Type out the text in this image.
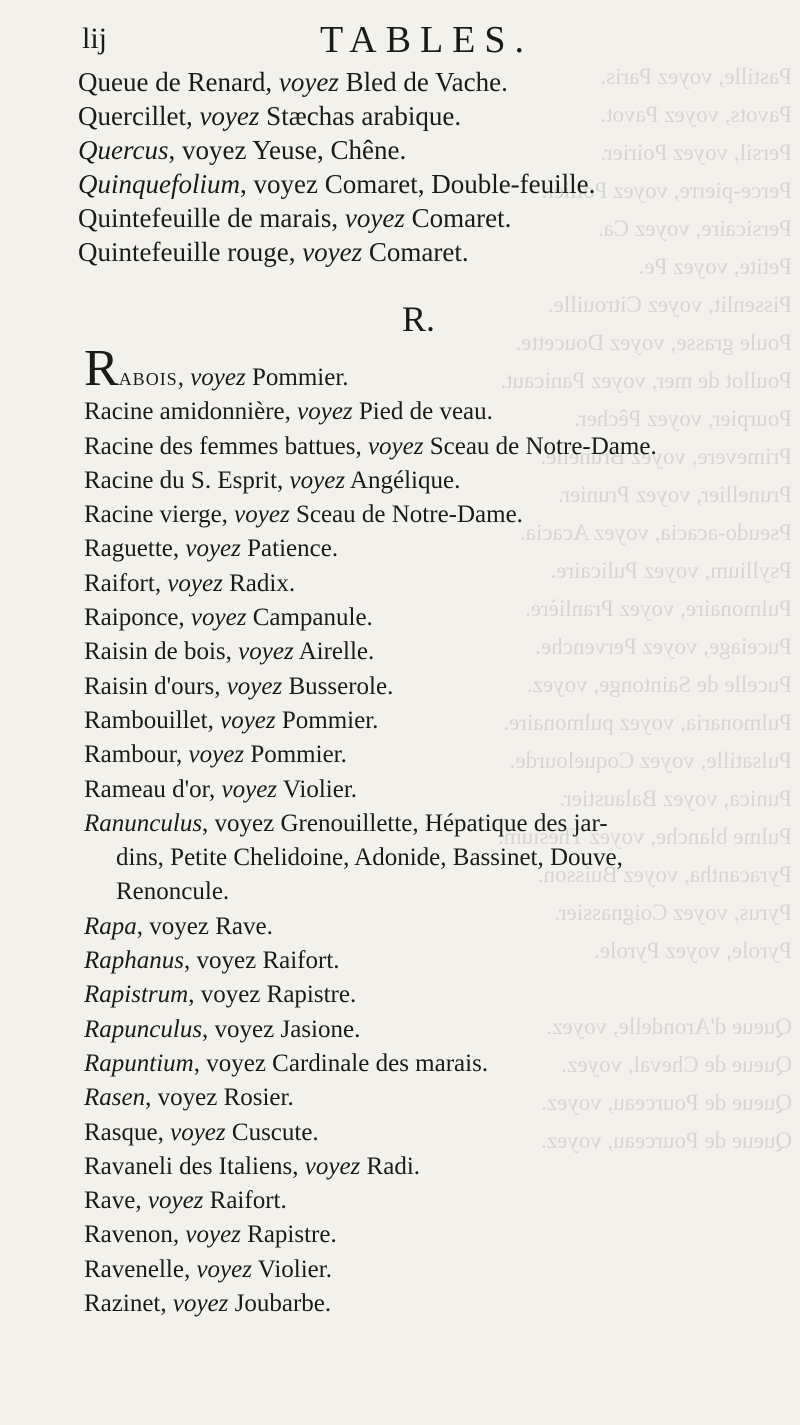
Pastille, voyez Paris.
Pavots, voyez Pavot.
Persil, voyez Poirier.
Perce-pierre, voyez Pollier.
Persicaire, voyez Ca.
Petite, voyez Pe.
Pissenlit, voyez Citrouille.
Poule grasse, voyez Doucette.
Poullot de mer, voyez Panicaut.
Pourpier, voyez Pêcher.
Primevere, voyez Brunelle.
Prunellier, voyez Prunier.
Pseudo-acacia, voyez Acacia.
Psyllium, voyez Pulicaire.
Pulmonaire, voyez Pranlière.
Puceiage, voyez Pervenche.
Pucelle de Saintonge, voyez.
Pulmonaria, voyez pulmonaire.
Pulsatille, voyez Coquelourde.
Punica, voyez Balaustier.
Pulme blanche, voyez Thesium.
Pyracantha, voyez Buisson.
Pyrus, voyez Coignassier.
Pyrole, voyez Pyrole.

Queue d'Arondelle, voyez.
Queue de Cheval, voyez.
Queue de Pourceau, voyez.
Queue de Pourceau, voyez.
lij	TABLES.
Queue de Renard, voyez Bled de Vache.
Quercillet, voyez Stæchas arabique.
Quercus, voyez Yeuse, Chêne.
Quinquefolium, voyez Comaret, Double-feuille.
Quintefeuille de marais, voyez Comaret.
Quintefeuille rouge, voyez Comaret.
R.
Rabois, voyez Pommier.
Racine amidonnière, voyez Pied de veau.
Racine des femmes battues, voyez Sceau de Notre-Dame.
Racine du S. Esprit, voyez Angélique.
Racine vierge, voyez Sceau de Notre-Dame.
Raguette, voyez Patience.
Raifort, voyez Radix.
Raiponce, voyez Campanule.
Raisin de bois, voyez Airelle.
Raisin d'ours, voyez Busserole.
Rambouillet, voyez Pommier.
Rambour, voyez Pommier.
Rameau d'or, voyez Violier.
Ranunculus, voyez Grenouillette, Hépatique des jar-
dins, Petite Chelidoine, Adonide, Bassinet, Douve,
Renoncule.
Rapa, voyez Rave.
Raphanus, voyez Raifort.
Rapistrum, voyez Rapistre.
Rapunculus, voyez Jasione.
Rapuntium, voyez Cardinale des marais.
Rasen, voyez Rosier.
Rasque, voyez Cuscute.
Ravaneli des Italiens, voyez Radi.
Rave, voyez Raifort.
Ravenon, voyez Rapistre.
Ravenelle, voyez Violier.
Razinet, voyez Joubarbe.
